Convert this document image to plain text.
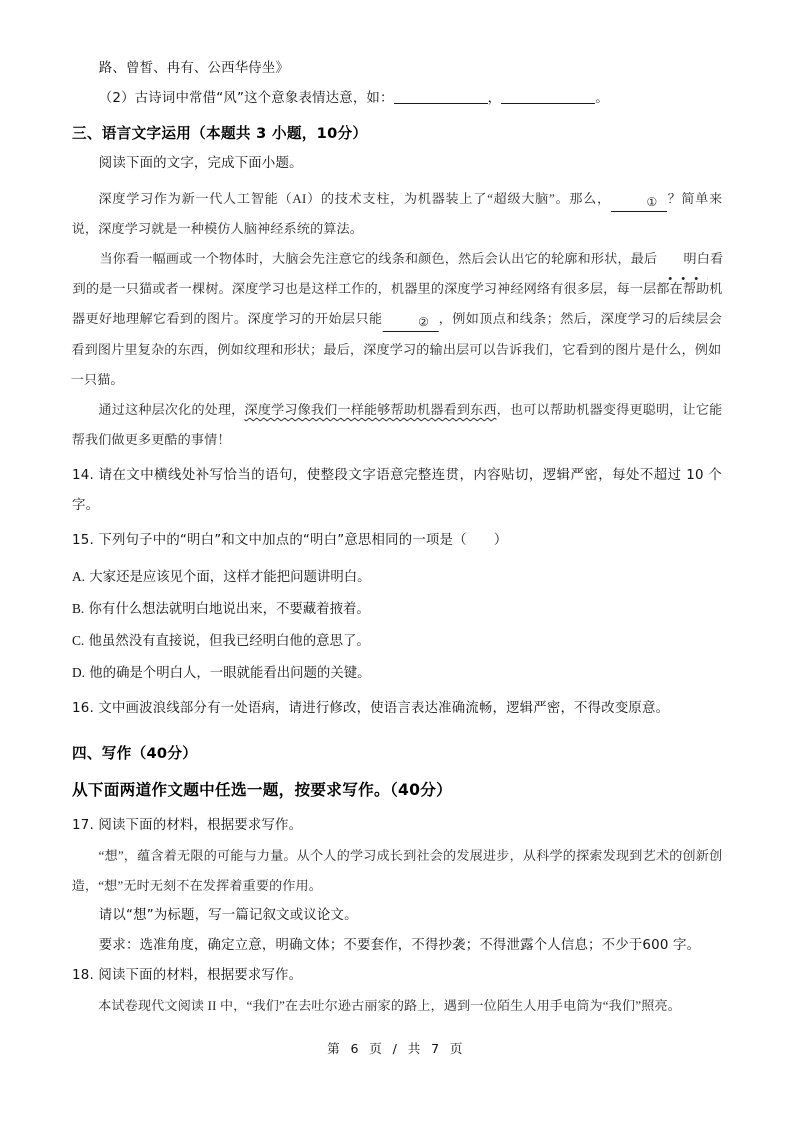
路、曾皙、冉有、公西华侍坐》

（2）古诗词中常借“风”这个意象表情达意，如：	，	。

三、语言文字运用（本题共 3 小题，10分）

阅读下面的文字，完成下面小题。

深度学习作为新一代人工智能（AI）的技术支柱，为机器装上了“超级大脑”。那么，	① ？简单来说，深度学习就是一种模仿人脑神经系统的算法。

当你看一幅画或一个物体时，大脑会先注意它的线条和颜色，然后会认出它的轮廓和形状，最后 明白看到的是一只猫或者一棵树。深度学习也是这样工作的，机器里的深度学习神经网络有很多层，每一层都在帮助机器更好地理解它看到的图片。深度学习的开始层只能	② ，例如顶点和线条；然后，深度学习的后续层会看到图片里复杂的东西，例如纹理和形状；最后，深度学习的输出层可以告诉我们，它看到的图片是什么，例如一只猫。

通过这种层次化的处理，深度学习像我们一样能够帮助机器看到东西，也可以帮助机器变得更聪明，让它能帮我们做更多更酷的事情！

14. 请在文中横线处补写恰当的语句，使整段文字语意完整连贯，内容贴切，逻辑严密，每处不超过 10 个字。

15. 下列句子中的“明白”和文中加点的“明白”意思相同的一项是（　　）

A. 大家还是应该见个面，这样才能把问题讲明白。

B. 你有什么想法就明白地说出来，不要藏着掖着。

C. 他虽然没有直接说，但我已经明白他的意思了。

D. 他的确是个明白人，一眼就能看出问题的关键。

16. 文中画波浪线部分有一处语病，请进行修改，使语言表达准确流畅，逻辑严密，不得改变原意。

四、写作（40分）
从下面两道作文题中任选一题，按要求写作。（40分）

17. 阅读下面的材料，根据要求写作。

“想”，蕴含着无限的可能与力量。从个人的学习成长到社会的发展进步，从科学的探索发现到艺术的创新创造，“想”无时无刻不在发挥着重要的作用。

请以“想”为标题，写一篇记叙文或议论文。

要求：选准角度，确定立意，明确文体；不要套作，不得抄袭；不得泄露个人信息；不少于600 字。

18. 阅读下面的材料，根据要求写作。

本试卷现代文阅读 II 中，“我们”在去吐尔逊古丽家的路上，遇到一位陌生人用手电筒为“我们”照亮。

第 6 页 / 共 7 页
